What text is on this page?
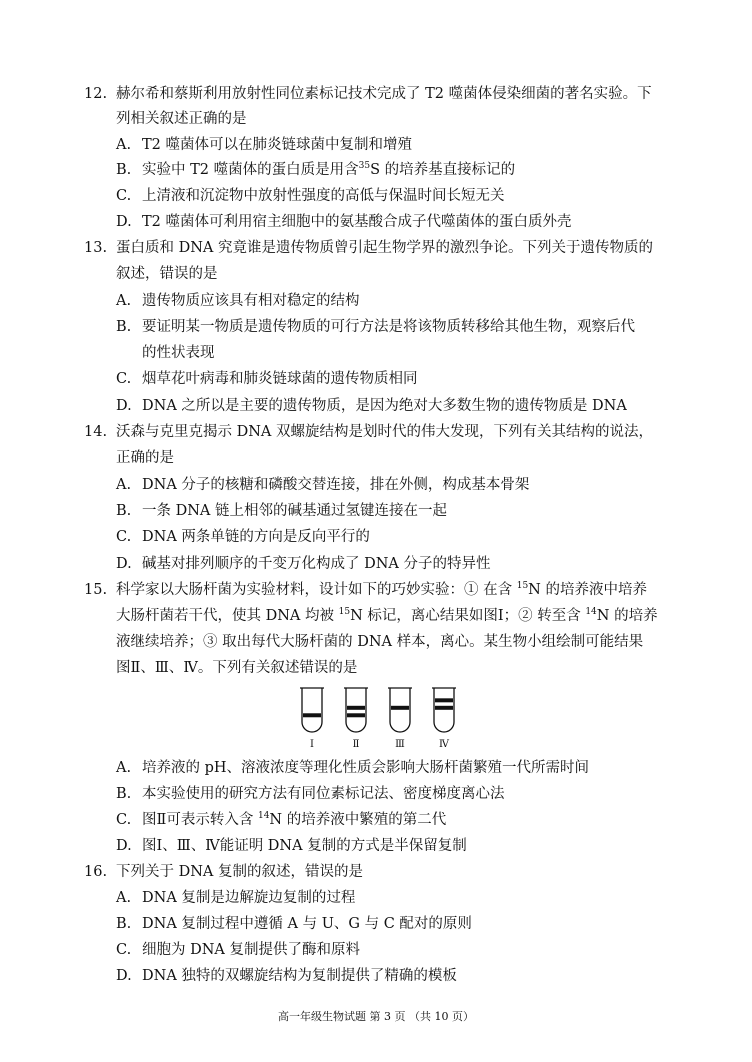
12. 赫尔希和蔡斯利用放射性同位素标记技术完成了 T2 噬菌体侵染细菌的著名实验。下
列相关叙述正确的是
A. T2 噬菌体可以在肺炎链球菌中复制和增殖
B. 实验中 T2 噬菌体的蛋白质是用含$^{35}$S 的培养基直接标记的
C. 上清液和沉淀物中放射性强度的高低与保温时间长短无关
D. T2 噬菌体可利用宿主细胞中的氨基酸合成子代噬菌体的蛋白质外壳
13. 蛋白质和 DNA 究竟谁是遗传物质曾引起生物学界的激烈争论。下列关于遗传物质的
叙述，错误的是
A. 遗传物质应该具有相对稳定的结构
B. 要证明某一物质是遗传物质的可行方法是将该物质转移给其他生物，观察后代
的性状表现
C. 烟草花叶病毒和肺炎链球菌的遗传物质相同
D. DNA 之所以是主要的遗传物质，是因为绝对大多数生物的遗传物质是 DNA
14. 沃森与克里克揭示 DNA 双螺旋结构是划时代的伟大发现，下列有关其结构的说法，
正确的是
A. DNA 分子的核糖和磷酸交替连接，排在外侧，构成基本骨架
B. 一条 DNA 链上相邻的碱基通过氢键连接在一起
C. DNA 两条单链的方向是反向平行的
D. 碱基对排列顺序的千变万化构成了 DNA 分子的特异性
15. 科学家以大肠杆菌为实验材料，设计如下的巧妙实验：① 在含 $^{15}$N 的培养液中培养
大肠杆菌若干代，使其 DNA 均被 $^{15}$N 标记，离心结果如图Ⅰ；② 转至含 $^{14}$N 的培养
液继续培养；③ 取出每代大肠杆菌的 DNA 样本，离心。某生物小组绘制可能结果
图Ⅱ、Ⅲ、Ⅳ。下列有关叙述错误的是
Ⅰ	Ⅱ	Ⅲ	Ⅳ
A. 培养液的 pH、溶液浓度等理化性质会影响大肠杆菌繁殖一代所需时间
B. 本实验使用的研究方法有同位素标记法、密度梯度离心法
C. 图Ⅱ可表示转入含 $^{14}$N 的培养液中繁殖的第二代
D. 图Ⅰ、Ⅲ、Ⅳ能证明 DNA 复制的方式是半保留复制
16. 下列关于 DNA 复制的叙述，错误的是
A. DNA 复制是边解旋边复制的过程
B. DNA 复制过程中遵循 A 与 U、G 与 C 配对的原则
C. 细胞为 DNA 复制提供了酶和原料
D. DNA 独特的双螺旋结构为复制提供了精确的模板
高一年级生物试题 第 3 页 （共 10 页）
